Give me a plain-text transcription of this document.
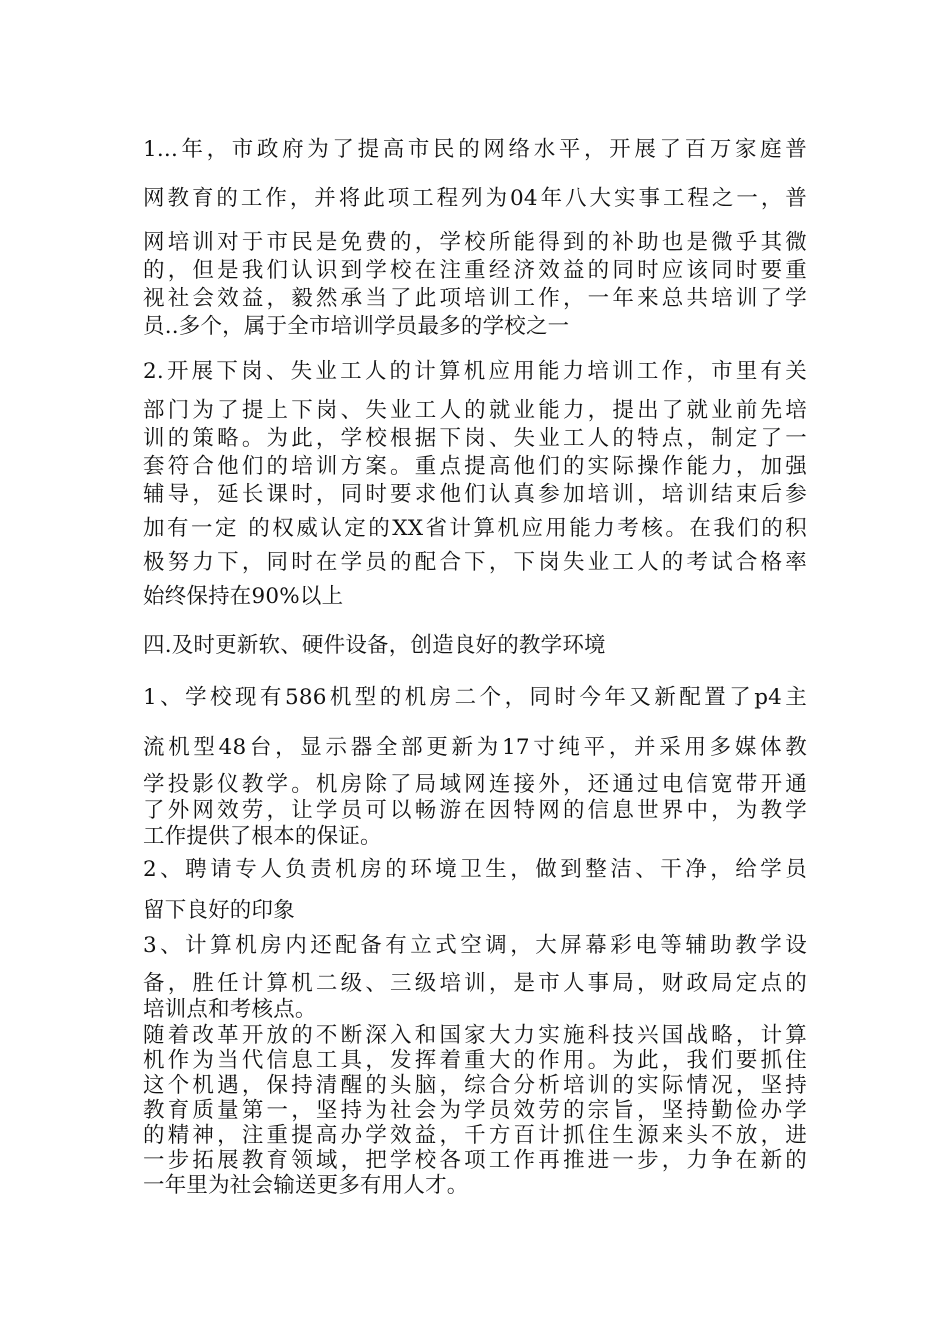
1...年，市政府为了提高市民的网络水平，开展了百万家庭普
网教育的工作，并将此项工程列为04年八大实事工程之一，普
网培训对于市民是免费的，学校所能得到的补助也是微乎其微
的，但是我们认识到学校在注重经济效益的同时应该同时要重
视社会效益，毅然承当了此项培训工作，一年来总共培训了学
员..多个，属于全市培训学员最多的学校之一
2.开展下岗、失业工人的计算机应用能力培训工作，市里有关
部门为了提上下岗、失业工人的就业能力，提出了就业前先培
训的策略。为此，学校根据下岗、失业工人的特点，制定了一
套符合他们的培训方案。重点提高他们的实际操作能力，加强
辅导，延长课时，同时要求他们认真参加培训，培训结束后参
加有一定 的权威认定的XX省计算机应用能力考核。在我们的积
极努力下，同时在学员的配合下，下岗失业工人的考试合格率
始终保持在90%以上
四.及时更新软、硬件设备，创造良好的教学环境
1、学校现有586机型的机房二个，同时今年又新配置了p4主
流机型48台，显示器全部更新为17寸纯平，并采用多媒体教
学投影仪教学。机房除了局域网连接外，还通过电信宽带开通
了外网效劳，让学员可以畅游在因特网的信息世界中，为教学
工作提供了根本的保证。
2、聘请专人负责机房的环境卫生，做到整洁、干净，给学员
留下良好的印象
3、计算机房内还配备有立式空调，大屏幕彩电等辅助教学设
备，胜任计算机二级、三级培训，是市人事局，财政局定点的
培训点和考核点。
随着改革开放的不断深入和国家大力实施科技兴国战略，计算
机作为当代信息工具，发挥着重大的作用。为此，我们要抓住
这个机遇，保持清醒的头脑，综合分析培训的实际情况，坚持
教育质量第一，坚持为社会为学员效劳的宗旨，坚持勤俭办学
的精神，注重提高办学效益，千方百计抓住生源来头不放，进
一步拓展教育领域，把学校各项工作再推进一步，力争在新的
一年里为社会输送更多有用人才。
